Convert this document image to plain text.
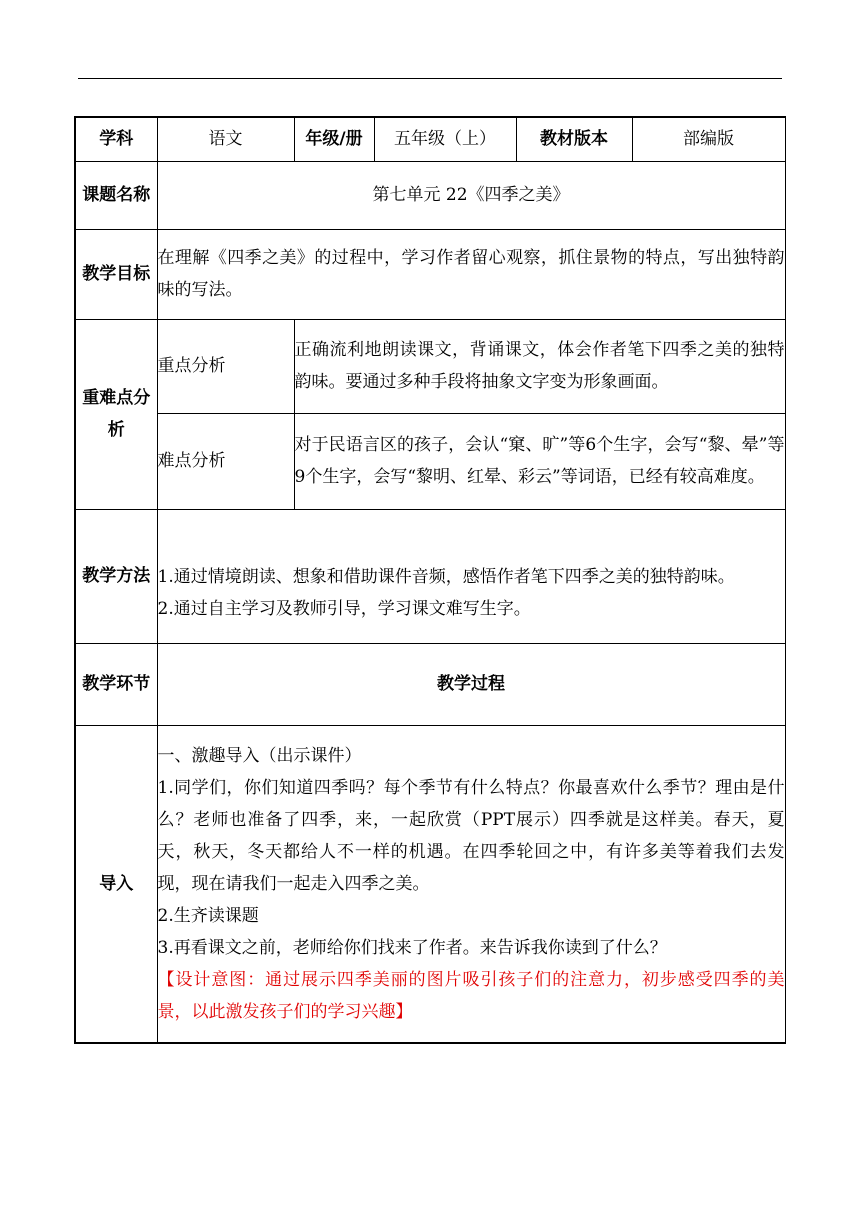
学科	语文	年级/册	五年级（上）	教材版本	部编版
课题名称	第七单元 22《四季之美》				
教学目标	在理解《四季之美》的过程中，学习作者留心观察，抓住景物的特点，写出独特韵味的写法。				
重难点分析	重点分析	正确流利地朗读课文，背诵课文，体会作者笔下四季之美的独特韵味。要通过多种手段将抽象文字变为形象画面。			
	难点分析	对于民语言区的孩子，会认“窠、旷”等6个生字，会写“黎、晕”等9个生字，会写“黎明、红晕、彩云”等词语，已经有较高难度。			
教学方法	1.通过情境朗读、想象和借助课件音频，感悟作者笔下四季之美的独特韵味。

2.通过自主学习及教师引导，学习课文难写生字。				

教学环节	教学过程				
导入	一、激趣导入（出示课件）

1.同学们，你们知道四季吗？每个季节有什么特点？你最喜欢什么季节？理由是什么？老师也准备了四季，来，一起欣赏（PPT展示）四季就是这样美。春天，夏天，秋天，冬天都给人不一样的机遇。在四季轮回之中，有许多美等着我们去发现，现在请我们一起走入四季之美。

2.生齐读课题

3.再看课文之前，老师给你们找来了作者。来告诉我你读到了什么？

【设计意图：通过展示四季美丽的图片吸引孩子们的注意力，初步感受四季的美景，以此激发孩子们的学习兴趣】				
